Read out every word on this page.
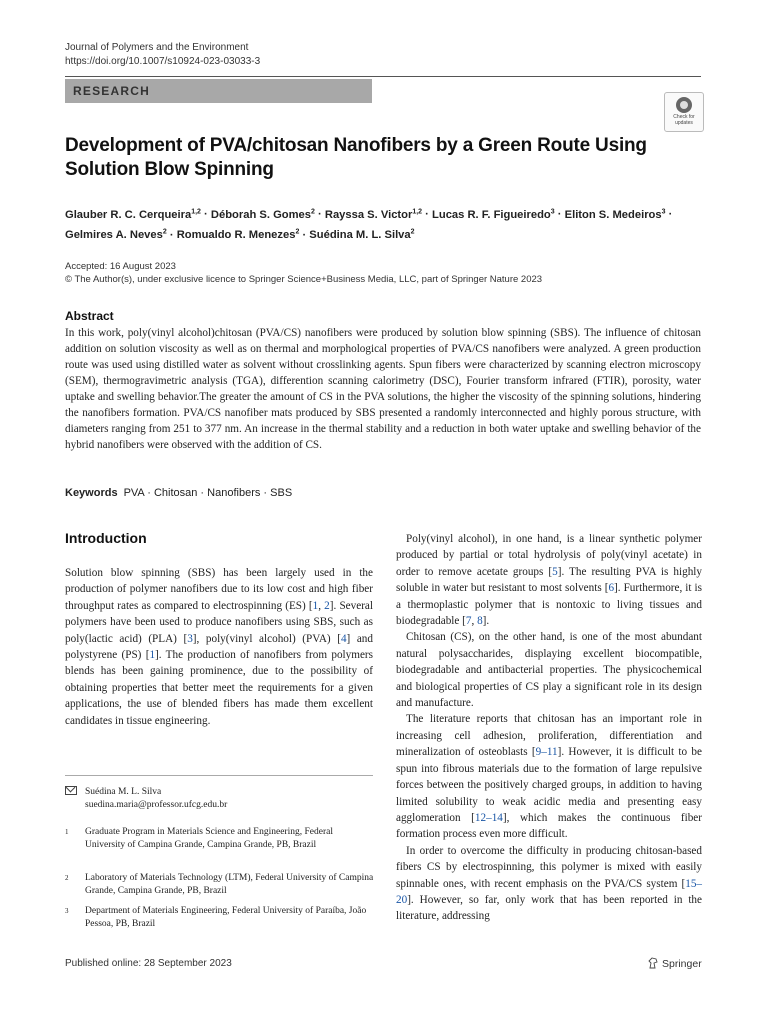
Journal of Polymers and the Environment
https://doi.org/10.1007/s10924-023-03033-3
RESEARCH
Check for updates
Development of PVA/chitosan Nanofibers by a Green Route Using Solution Blow Spinning
Glauber R. C. Cerqueira$^{1,2}$ · Déborah S. Gomes$^2$ · Rayssa S. Victor$^{1,2}$ · Lucas R. F. Figueiredo$^3$ · Eliton S. Medeiros$^3$ ·
Gelmires A. Neves$^2$ · Romualdo R. Menezes$^2$ · Suédina M. L. Silva$^2$
Accepted: 16 August 2023
© The Author(s), under exclusive licence to Springer Science+Business Media, LLC, part of Springer Nature 2023
Abstract
In this work, poly(vinyl alcohol)chitosan (PVA/CS) nanofibers were produced by solution blow spinning (SBS). The influence of chitosan addition on solution viscosity as well as on thermal and morphological properties of PVA/CS nanofibers were analyzed. A green production route was used using distilled water as solvent without crosslinking agents. Spun fibers were characterized by scanning electron microscopy (SEM), thermogravimetric analysis (TGA), differention scanning calorimetry (DSC), Fourier transform infrared (FTIR), porosity, water uptake and swelling behavior.The greater the amount of CS in the PVA solutions, the higher the viscosity of the spinning solutions, hindering the nanofibers formation. PVA/CS nanofiber mats produced by SBS presented a randomly interconnected and highly porous structure, with diameters ranging from 251 to 377 nm. An increase in the thermal stability and a reduction in both water uptake and swelling behavior of the hybrid nanofibers were observed with the addition of CS.
Keywords PVA · Chitosan · Nanofibers · SBS
Introduction

Solution blow spinning (SBS) has been largely used in the production of polymer nanofibers due to its low cost and high fiber throughput rates as compared to electrospinning (ES) [1, 2]. Several polymers have been used to produce nanofibers using SBS, such as poly(lactic acid) (PLA) [3], poly(vinyl alcohol) (PVA) [4] and polystyrene (PS) [1]. The production of nanofibers from polymers blends has been gaining prominence, due to the possibility of obtaining properties that better meet the requirements for a given applications, the use of blended fibers has made them excellent candidates in tissue engineering.

Poly(vinyl alcohol), in one hand, is a linear synthetic polymer produced by partial or total hydrolysis of poly(vinyl acetate) in order to remove acetate groups [5]. The resulting PVA is highly soluble in water but resistant to most solvents [6]. Furthermore, it is a thermoplastic polymer that is nontoxic to living tissues and biodegradable [7, 8].

Chitosan (CS), on the other hand, is one of the most abundant natural polysaccharides, displaying excellent biocompatible, biodegradable and antibacterial properties. The physicochemical and biological properties of CS play a significant role in its design and manufacture.

The literature reports that chitosan has an important role in increasing cell adhesion, proliferation, differentiation and mineralization of osteoblasts [9–11]. However, it is difficult to be spun into fibrous materials due to the formation of large repulsive forces between the positively charged groups, in addition to having limited solubility to weak acidic media and presenting easy agglomeration [12–14], which makes the continuous fiber formation process even more difficult.

In order to overcome the difficulty in producing chitosan-based fibers CS by electrospinning, this polymer is mixed with easily spinnable ones, with recent emphasis on the PVA/CS system [15–20]. However, so far, only work that has been reported in the literature, addressing

Suédina M. L. Silva
suedina.maria@professor.ufcg.edu.br
1	Graduate Program in Materials Science and Engineering, Federal University of Campina Grande, Campina Grande, PB, Brazil
2	Laboratory of Materials Technology (LTM), Federal University of Campina Grande, Campina Grande, PB, Brazil
3	Department of Materials Engineering, Federal University of Paraíba, João Pessoa, PB, Brazil
Published online: 28 September 2023	Springer
